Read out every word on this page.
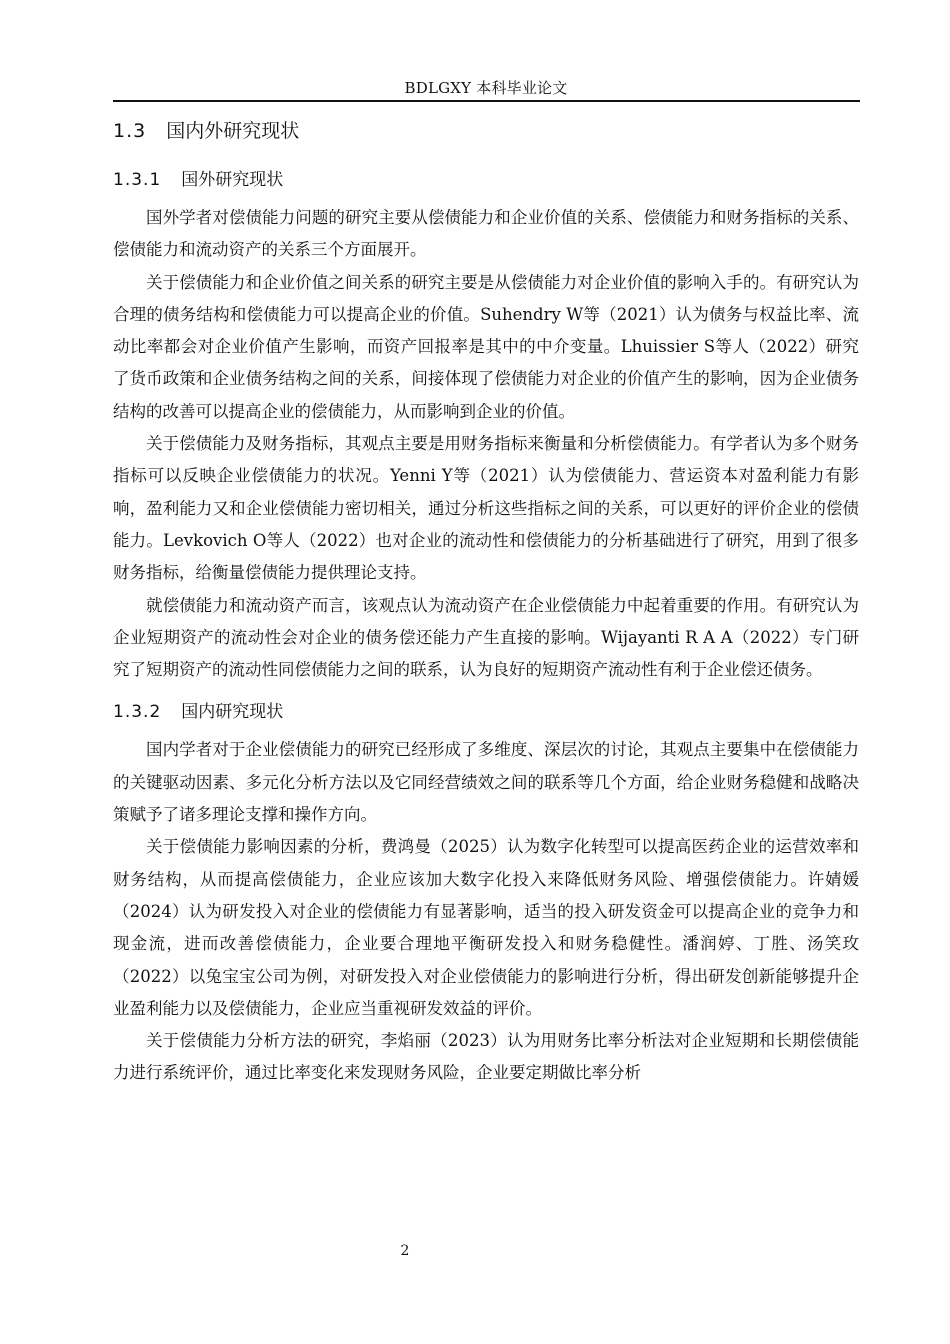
BDLGXY 本科毕业论文
1.3 国内外研究现状
1.3.1 国外研究现状

国外学者对偿债能力问题的研究主要从偿债能力和企业价值的关系、偿债能力和财务指标的关系、偿债能力和流动资产的关系三个方面展开。

关于偿债能力和企业价值之间关系的研究主要是从偿债能力对企业价值的影响入手的。有研究认为合理的债务结构和偿债能力可以提高企业的价值。Suhendry W等（2021）认为债务与权益比率、流动比率都会对企业价值产生影响，而资产回报率是其中的中介变量。Lhuissier S等人（2022）研究了货币政策和企业债务结构之间的关系，间接体现了偿债能力对企业的价值产生的影响，因为企业债务结构的改善可以提高企业的偿债能力，从而影响到企业的价值。

关于偿债能力及财务指标，其观点主要是用财务指标来衡量和分析偿债能力。有学者认为多个财务指标可以反映企业偿债能力的状况。Yenni Y等（2021）认为偿债能力、营运资本对盈利能力有影响，盈利能力又和企业偿债能力密切相关，通过分析这些指标之间的关系，可以更好的评价企业的偿债能力。Levkovich O等人（2022）也对企业的流动性和偿债能力的分析基础进行了研究，用到了很多财务指标，给衡量偿债能力提供理论支持。

就偿债能力和流动资产而言，该观点认为流动资产在企业偿债能力中起着重要的作用。有研究认为企业短期资产的流动性会对企业的债务偿还能力产生直接的影响。Wijayanti R A A（2022）专门研究了短期资产的流动性同偿债能力之间的联系，认为良好的短期资产流动性有利于企业偿还债务。

1.3.2 国内研究现状

国内学者对于企业偿债能力的研究已经形成了多维度、深层次的讨论，其观点主要集中在偿债能力的关键驱动因素、多元化分析方法以及它同经营绩效之间的联系等几个方面，给企业财务稳健和战略决策赋予了诸多理论支撑和操作方向。

关于偿债能力影响因素的分析，费鸿曼（2025）认为数字化转型可以提高医药企业的运营效率和财务结构，从而提高偿债能力，企业应该加大数字化投入来降低财务风险、增强偿债能力。许婧媛（2024）认为研发投入对企业的偿债能力有显著影响，适当的投入研发资金可以提高企业的竞争力和现金流，进而改善偿债能力，企业要合理地平衡研发投入和财务稳健性。潘润婷、丁胜、汤笑玫（2022）以兔宝宝公司为例，对研发投入对企业偿债能力的影响进行分析，得出研发创新能够提升企业盈利能力以及偿债能力，企业应当重视研发效益的评价。

关于偿债能力分析方法的研究，李焰丽（2023）认为用财务比率分析法对企业短期和长期偿债能力进行系统评价，通过比率变化来发现财务风险，企业要定期做比率分析

2
